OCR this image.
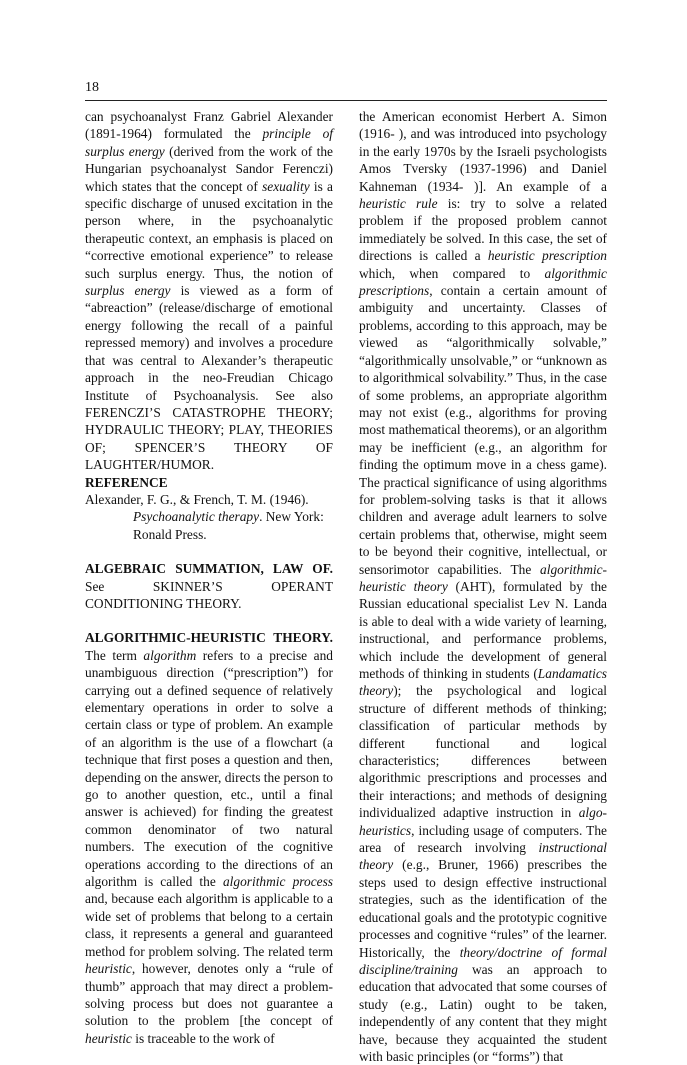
18

can psychoanalyst Franz Gabriel Alexander (1891-1964) formulated the principle of surplus energy (derived from the work of the Hungarian psychoanalyst Sandor Ferenczi) which states that the concept of sexuality is a specific discharge of unused excitation in the person where, in the psychoanalytic therapeutic context, an emphasis is placed on “corrective emotional experience” to release such surplus energy. Thus, the notion of surplus energy is viewed as a form of “abreaction” (release/discharge of emotional energy following the recall of a painful repressed memory) and involves a procedure that was central to Alexander’s therapeutic approach in the neo-Freudian Chicago Institute of Psychoanalysis. See also FERENCZI’S CATASTROPHE THEORY; HYDRAULIC THEORY; PLAY, THEORIES OF; SPENCER’S THEORY OF LAUGHTER/HUMOR.

REFERENCE

Alexander, F. G., & French, T. M. (1946). Psychoanalytic therapy. New York: Ronald Press.

ALGEBRAIC SUMMATION, LAW OF. See SKINNER’S OPERANT CONDITIONING THEORY.

ALGORITHMIC-HEURISTIC THEORY. The term algorithm refers to a precise and unambiguous direction (“prescription”) for carrying out a defined sequence of relatively elementary operations in order to solve a certain class or type of problem. An example of an algorithm is the use of a flowchart (a technique that first poses a question and then, depending on the answer, directs the person to go to another question, etc., until a final answer is achieved) for finding the greatest common denominator of two natural numbers. The execution of the cognitive operations according to the directions of an algorithm is called the algorithmic process and, because each algorithm is applicable to a wide set of problems that belong to a certain class, it represents a general and guaranteed method for problem solving. The related term heuristic, however, denotes only a “rule of thumb” approach that may direct a problem-solving process but does not guarantee a solution to the problem [the concept of heuristic is traceable to the work of

the American economist Herbert A. Simon (1916- ), and was introduced into psychology in the early 1970s by the Israeli psychologists Amos Tversky (1937-1996) and Daniel Kahneman (1934- )]. An example of a heuristic rule is: try to solve a related problem if the proposed problem cannot immediately be solved. In this case, the set of directions is called a heuristic prescription which, when compared to algorithmic prescriptions, contain a certain amount of ambiguity and uncertainty. Classes of problems, according to this approach, may be viewed as “algorithmically solvable,” “algorithmically unsolvable,” or “unknown as to algorithmical solvability.” Thus, in the case of some problems, an appropriate algorithm may not exist (e.g., algorithms for proving most mathematical theorems), or an algorithm may be inefficient (e.g., an algorithm for finding the optimum move in a chess game). The practical significance of using algorithms for problem-solving tasks is that it allows children and average adult learners to solve certain problems that, otherwise, might seem to be beyond their cognitive, intellectual, or sensorimotor capabilities. The algorithmic-heuristic theory (AHT), formulated by the Russian educational specialist Lev N. Landa is able to deal with a wide variety of learning, instructional, and performance problems, which include the development of general methods of thinking in students (Landamatics theory); the psychological and logical structure of different methods of thinking; classification of particular methods by different functional and logical characteristics; differences between algorithmic prescriptions and processes and their interactions; and methods of designing individualized adaptive instruction in algo-heuristics, including usage of computers. The area of research involving instructional theory (e.g., Bruner, 1966) prescribes the steps used to design effective instructional strategies, such as the identification of the educational goals and the prototypic cognitive processes and cognitive “rules” of the learner. Historically, the theory/doctrine of formal discipline/training was an approach to education that advocated that some courses of study (e.g., Latin) ought to be taken, independently of any content that they might have, because they acquainted the student with basic principles (or “forms”) that
